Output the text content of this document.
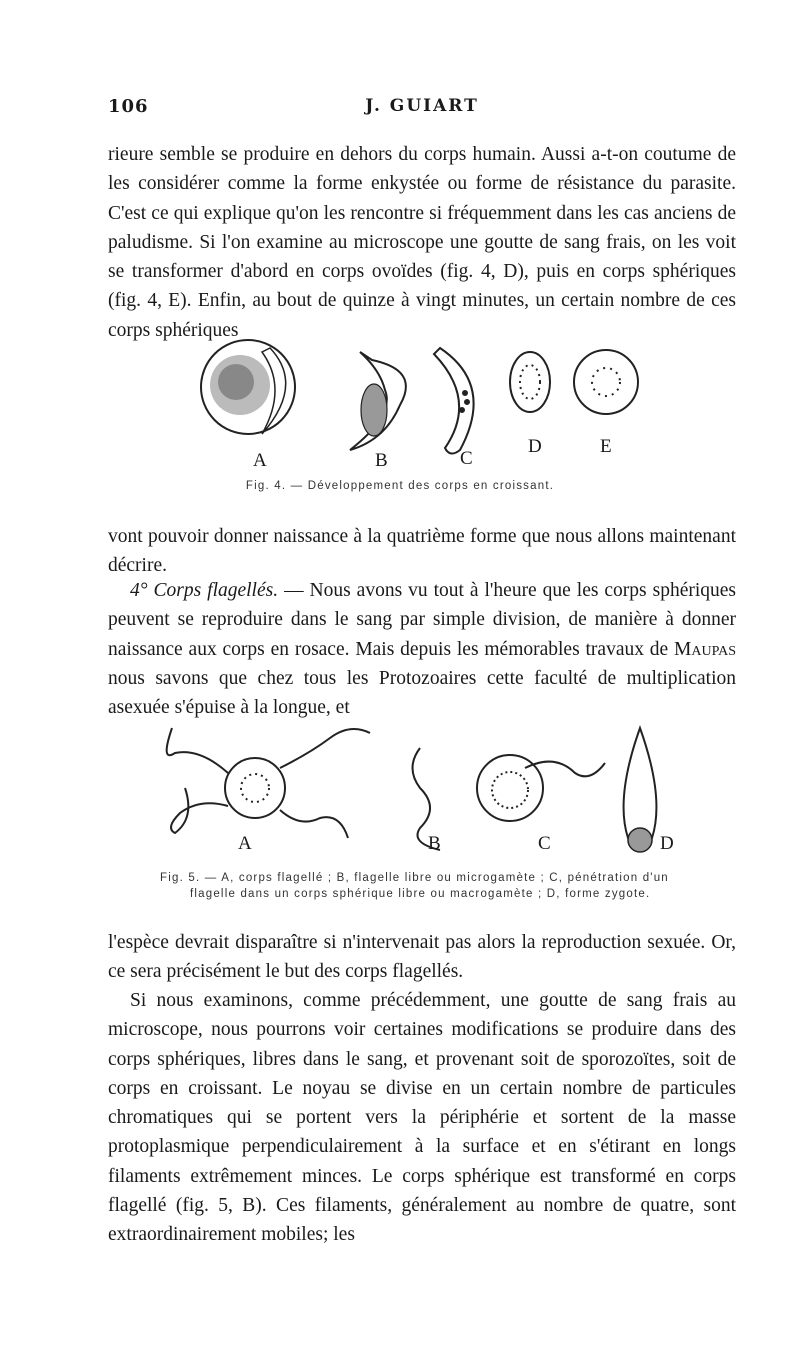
106	J. GUIART

rieure semble se produire en dehors du corps humain. Aussi a-t-on coutume de les considérer comme la forme enkystée ou forme de résistance du parasite. C'est ce qui explique qu'on les rencontre si fréquemment dans les cas anciens de paludisme. Si l'on examine au microscope une goutte de sang frais, on les voit se transformer d'abord en corps ovoïdes (fig. 4, D), puis en corps sphériques (fig. 4, E). Enfin, au bout de quinze à vingt minutes, un certain nombre de ces corps sphériques

A	B	C
D	E
Fig. 4. — Développement des corps en croissant.

vont pouvoir donner naissance à la quatrième forme que nous allons maintenant décrire.

4° Corps flagellés. — Nous avons vu tout à l'heure que les corps sphériques peuvent se reproduire dans le sang par simple division, de manière à donner naissance aux corps en rosace. Mais depuis les mémorables travaux de Maupas nous savons que chez tous les Protozoaires cette faculté de multiplication asexuée s'épuise à la longue, et

A	B	C	D
Fig. 5. — A, corps flagellé ; B, flagelle libre ou microgamète ; C, pénétration d'un
flagelle dans un corps sphérique libre ou macrogamète ; D, forme zygote.

l'espèce devrait disparaître si n'intervenait pas alors la reproduction sexuée. Or, ce sera précisément le but des corps flagellés.

Si nous examinons, comme précédemment, une goutte de sang frais au microscope, nous pourrons voir certaines modifications se produire dans des corps sphériques, libres dans le sang, et provenant soit de sporozoïtes, soit de corps en croissant. Le noyau se divise en un certain nombre de particules chromatiques qui se portent vers la périphérie et sortent de la masse protoplasmique perpendiculairement à la surface et en s'étirant en longs filaments extrêmement minces. Le corps sphérique est transformé en corps flagellé (fig. 5, B). Ces filaments, généralement au nombre de quatre, sont extraordinairement mobiles; les
